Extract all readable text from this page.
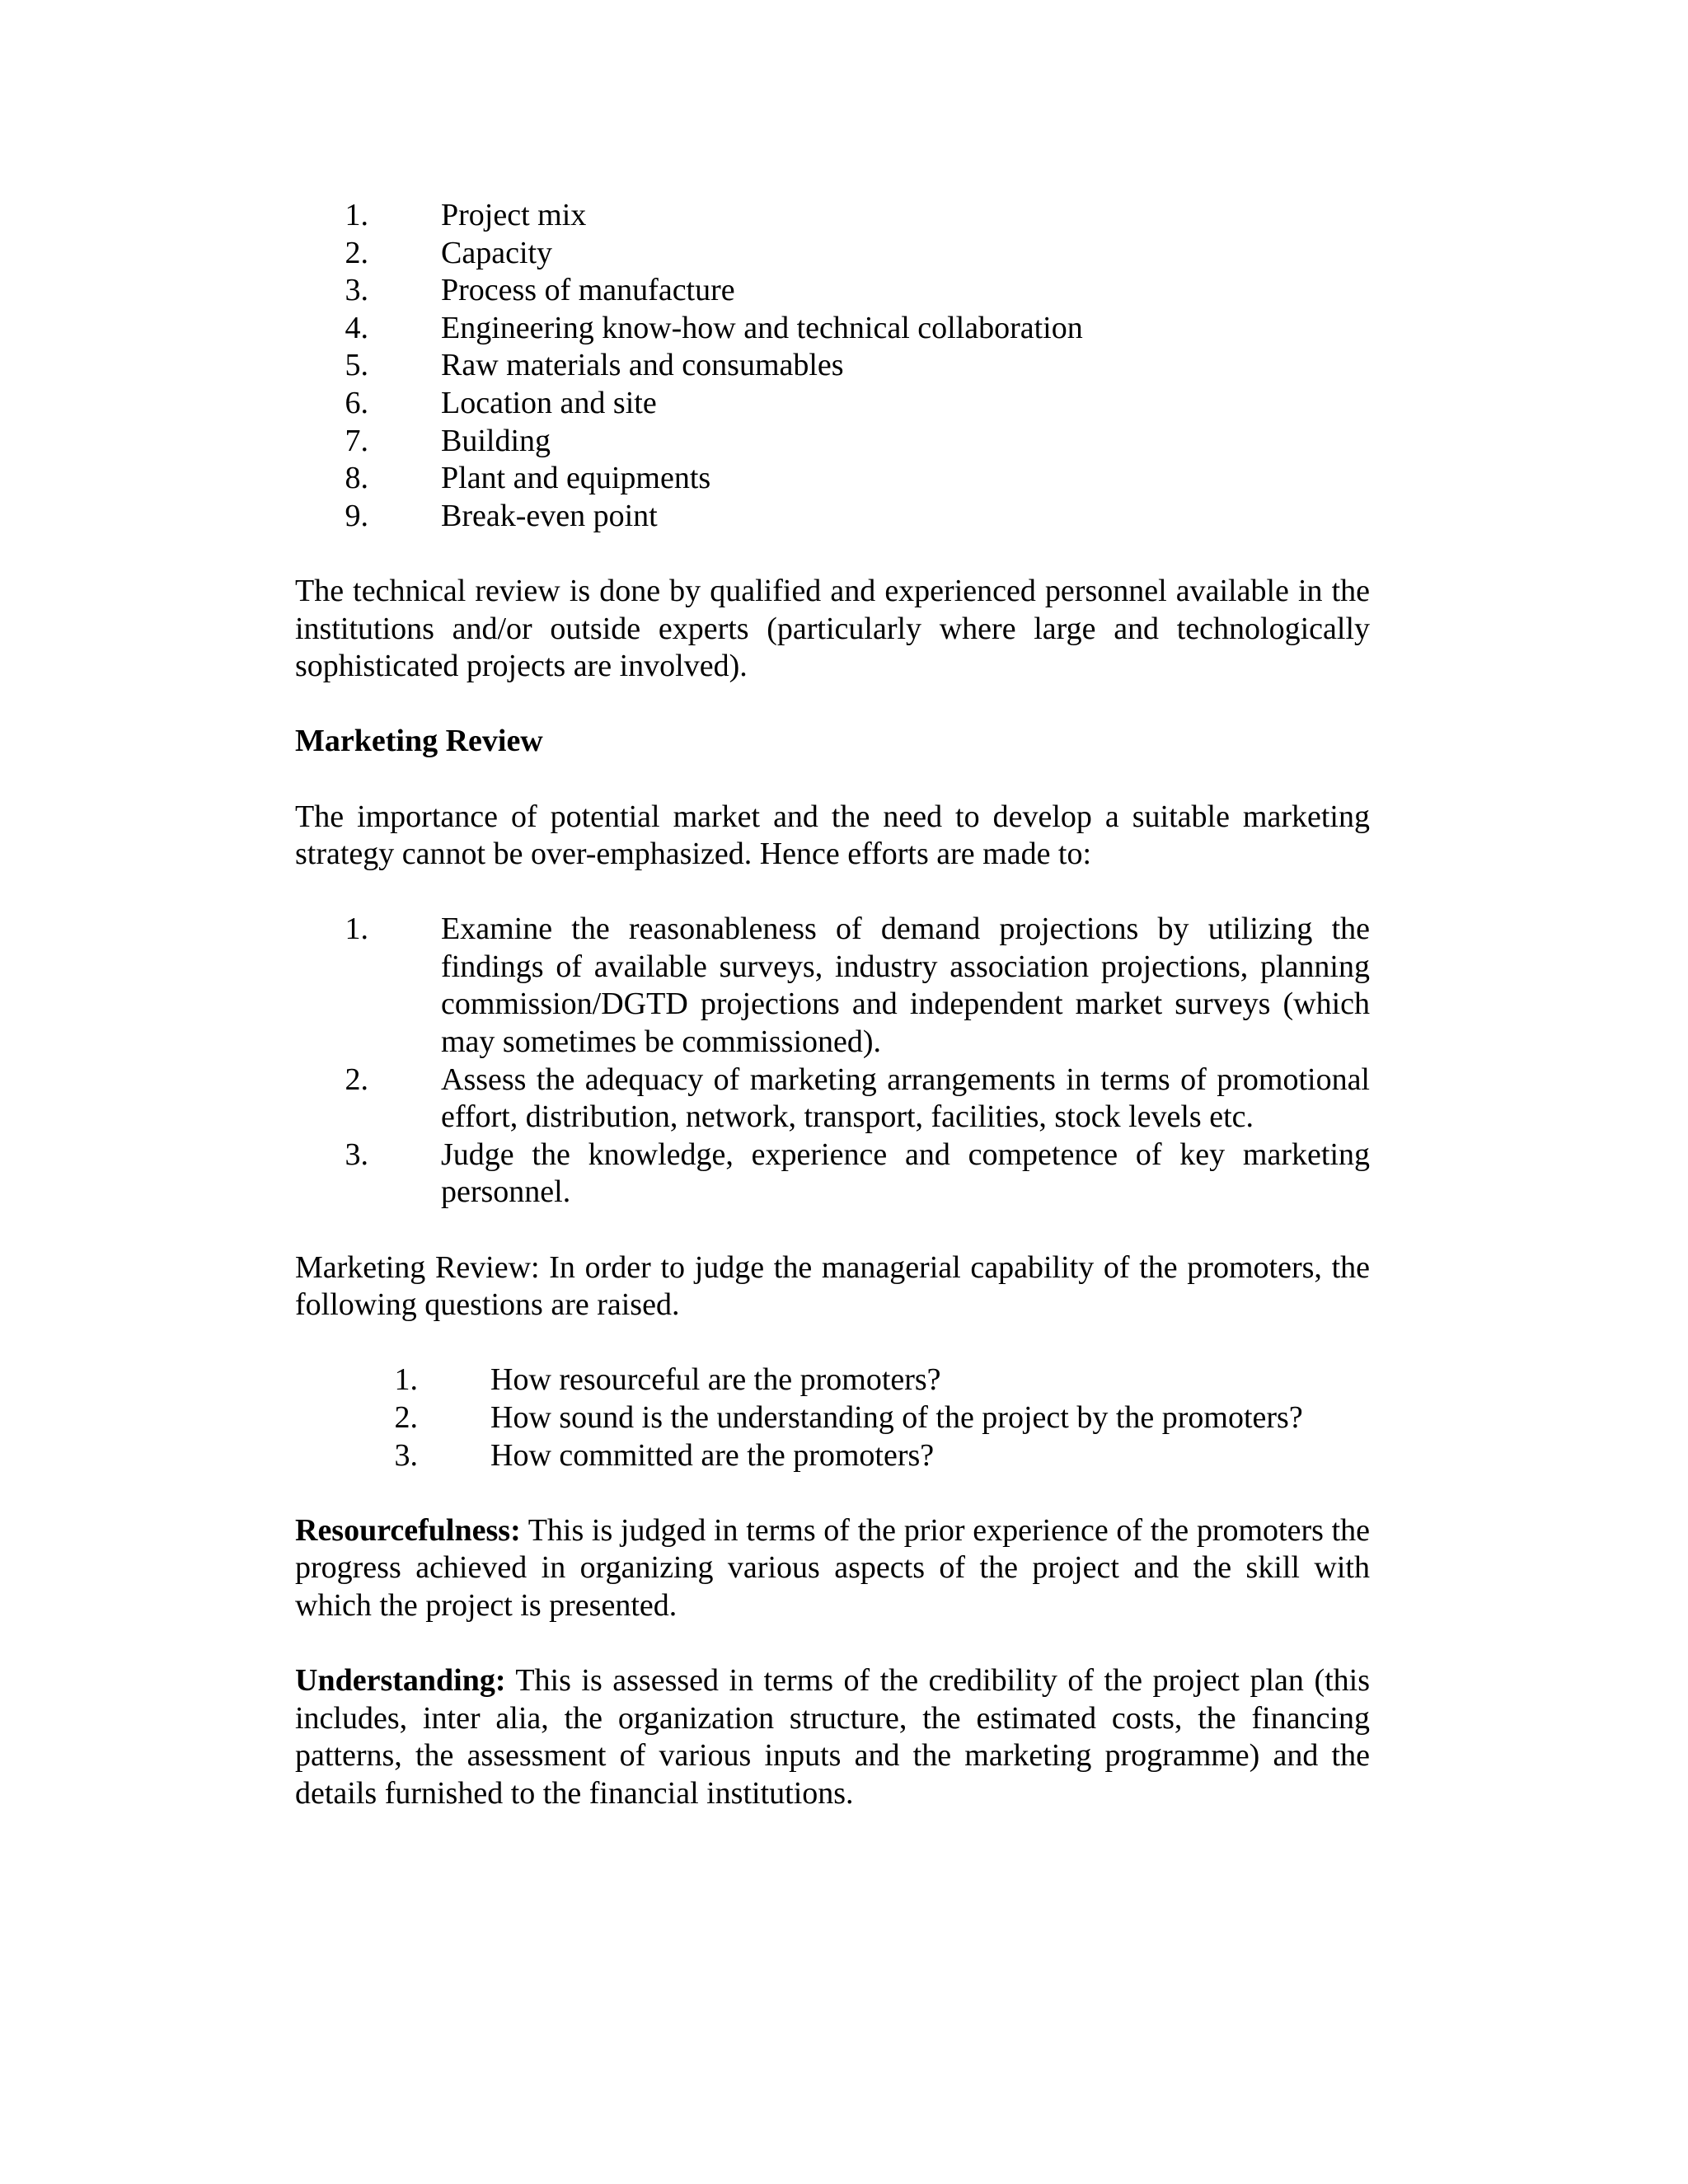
1. Project mix
2. Capacity
3. Process of manufacture
4. Engineering know-how and technical collaboration
5. Raw materials and consumables
6. Location and site
7. Building
8. Plant and equipments
9. Break-even point

The technical review is done by qualified and experienced personnel available in the institutions and/or outside experts (particularly where large and technologically sophisticated projects are involved).

Marketing Review

The importance of potential market and the need to develop a suitable marketing strategy cannot be over-emphasized. Hence efforts are made to:

1. Examine the reasonableness of demand projections by utilizing the findings of available surveys, industry association projections, planning commission/DGTD projections and independent market surveys (which may sometimes be commissioned).
2. Assess the adequacy of marketing arrangements in terms of promotional effort, distribution, network, transport, facilities, stock levels etc.
3. Judge the knowledge, experience and competence of key marketing personnel.

Marketing Review: In order to judge the managerial capability of the promoters, the following questions are raised.

1. How resourceful are the promoters?
2. How sound is the understanding of the project by the promoters?
3. How committed are the promoters?

Resourcefulness: This is judged in terms of the prior experience of the promoters the progress achieved in organizing various aspects of the project and the skill with which the project is presented.

Understanding: This is assessed in terms of the credibility of the project plan (this includes, inter alia, the organization structure, the estimated costs, the financing patterns, the assessment of various inputs and the marketing programme) and the details furnished to the financial institutions.
